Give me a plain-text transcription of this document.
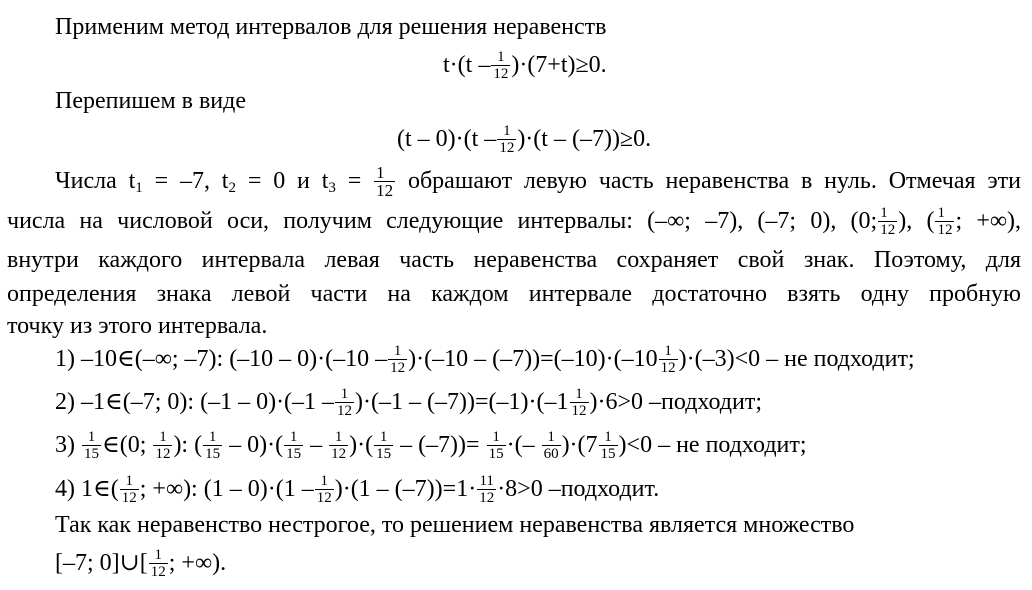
Применим метод интервалов для решения неравенств
$t\cdot(t - \frac{1}{12} )\cdot(7+t)\ge 0$.
Перепишем в виде
$(t - 0)\cdot(t - \frac{1}{12} )\cdot(t - (-7))\ge 0$.
Числа $t_1 = -7$, $t_2 = 0$ и $t_3 = \frac{1}{12}$ обрашают левую часть неравенства в нуль. Отмечая эти
числа на числовой оси, получим следующие интервалы: (–∞; –7), (–7; 0), (0; $\frac{1}{12}$ ), ( $\frac{1}{12}$ ; +∞),
внутри каждого интервала левая часть неравенства сохраняет свой знак. Поэтому, для
определения знака левой части на каждом интервале достаточно взять одну пробную
точку из этого интервала.
1) –10∈(–∞; –7): $(-10 - 0)\cdot(-10 - \frac{1}{12} )\cdot(-10 - (-7))=(-10)\cdot(-10 \frac{1}{12} )\cdot(-3)<0$ – не подходит;
2) –1∈(–7; 0): $(-1 - 0)\cdot(-1 - \frac{1}{12} )\cdot(-1 - (-7))=(-1)\cdot(-1 \frac{1}{12} )\cdot 6>0$ –подходит;
$3) \frac{1}{15}$ ∈(0; $\frac{1}{12}$ ): ( $\frac{1}{15} - 0)\cdot( \frac{1}{15} - \frac{1}{12}$ )·( $\frac{1}{15} - (-7))= \frac{1}{15}$ ·(– $\frac{1}{60} )\cdot(7 \frac{1}{15} )<0$ – не подходит;
4) 1∈( $\frac{1}{12}$ ; +∞): $(1 - 0)\cdot(1 - \frac{1}{12} )\cdot(1 - (-7))=1\cdot \frac{11}{12} \cdot 8>0$ –подходит.
Так как неравенство нестрогое, то решением неравенства является множество
[–7; 0]∪[ $\frac{1}{12}$ ; +∞).
